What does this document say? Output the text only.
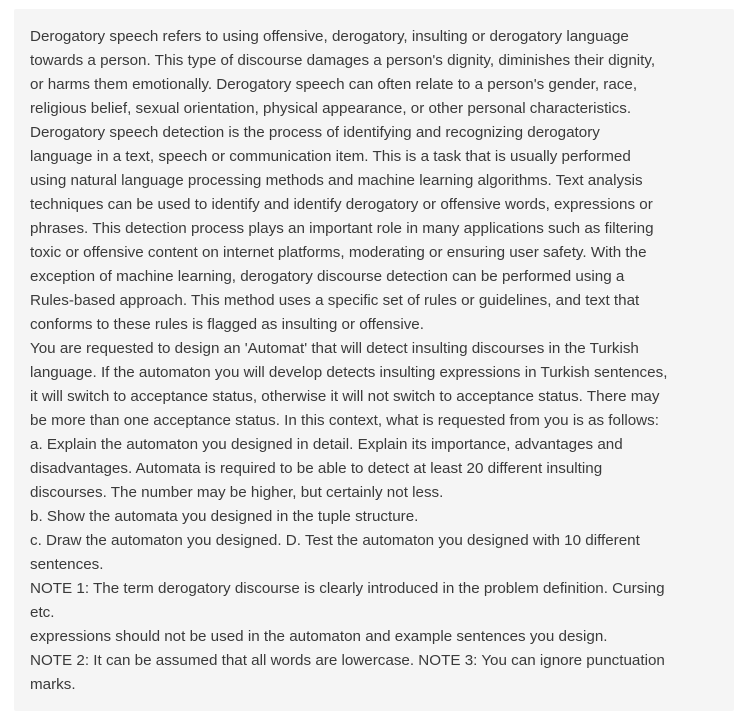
Derogatory speech refers to using offensive, derogatory, insulting or derogatory language
towards a person. This type of discourse damages a person's dignity, diminishes their dignity,
or harms them emotionally. Derogatory speech can often relate to a person's gender, race,
religious belief, sexual orientation, physical appearance, or other personal characteristics.
Derogatory speech detection is the process of identifying and recognizing derogatory
language in a text, speech or communication item. This is a task that is usually performed
using natural language processing methods and machine learning algorithms. Text analysis
techniques can be used to identify and identify derogatory or offensive words, expressions or
phrases. This detection process plays an important role in many applications such as filtering
toxic or offensive content on internet platforms, moderating or ensuring user safety. With the
exception of machine learning, derogatory discourse detection can be performed using a
Rules-based approach. This method uses a specific set of rules or guidelines, and text that
conforms to these rules is flagged as insulting or offensive.
You are requested to design an 'Automat' that will detect insulting discourses in the Turkish
language. If the automaton you will develop detects insulting expressions in Turkish sentences,
it will switch to acceptance status, otherwise it will not switch to acceptance status. There may
be more than one acceptance status. In this context, what is requested from you is as follows:
a. Explain the automaton you designed in detail. Explain its importance, advantages and
disadvantages. Automata is required to be able to detect at least 20 different insulting
discourses. The number may be higher, but certainly not less.
b. Show the automata you designed in the tuple structure.
c. Draw the automaton you designed. D. Test the automaton you designed with 10 different
sentences.
NOTE 1: The term derogatory discourse is clearly introduced in the problem definition. Cursing
etc.
expressions should not be used in the automaton and example sentences you design.
NOTE 2: It can be assumed that all words are lowercase. NOTE 3: You can ignore punctuation
marks.
